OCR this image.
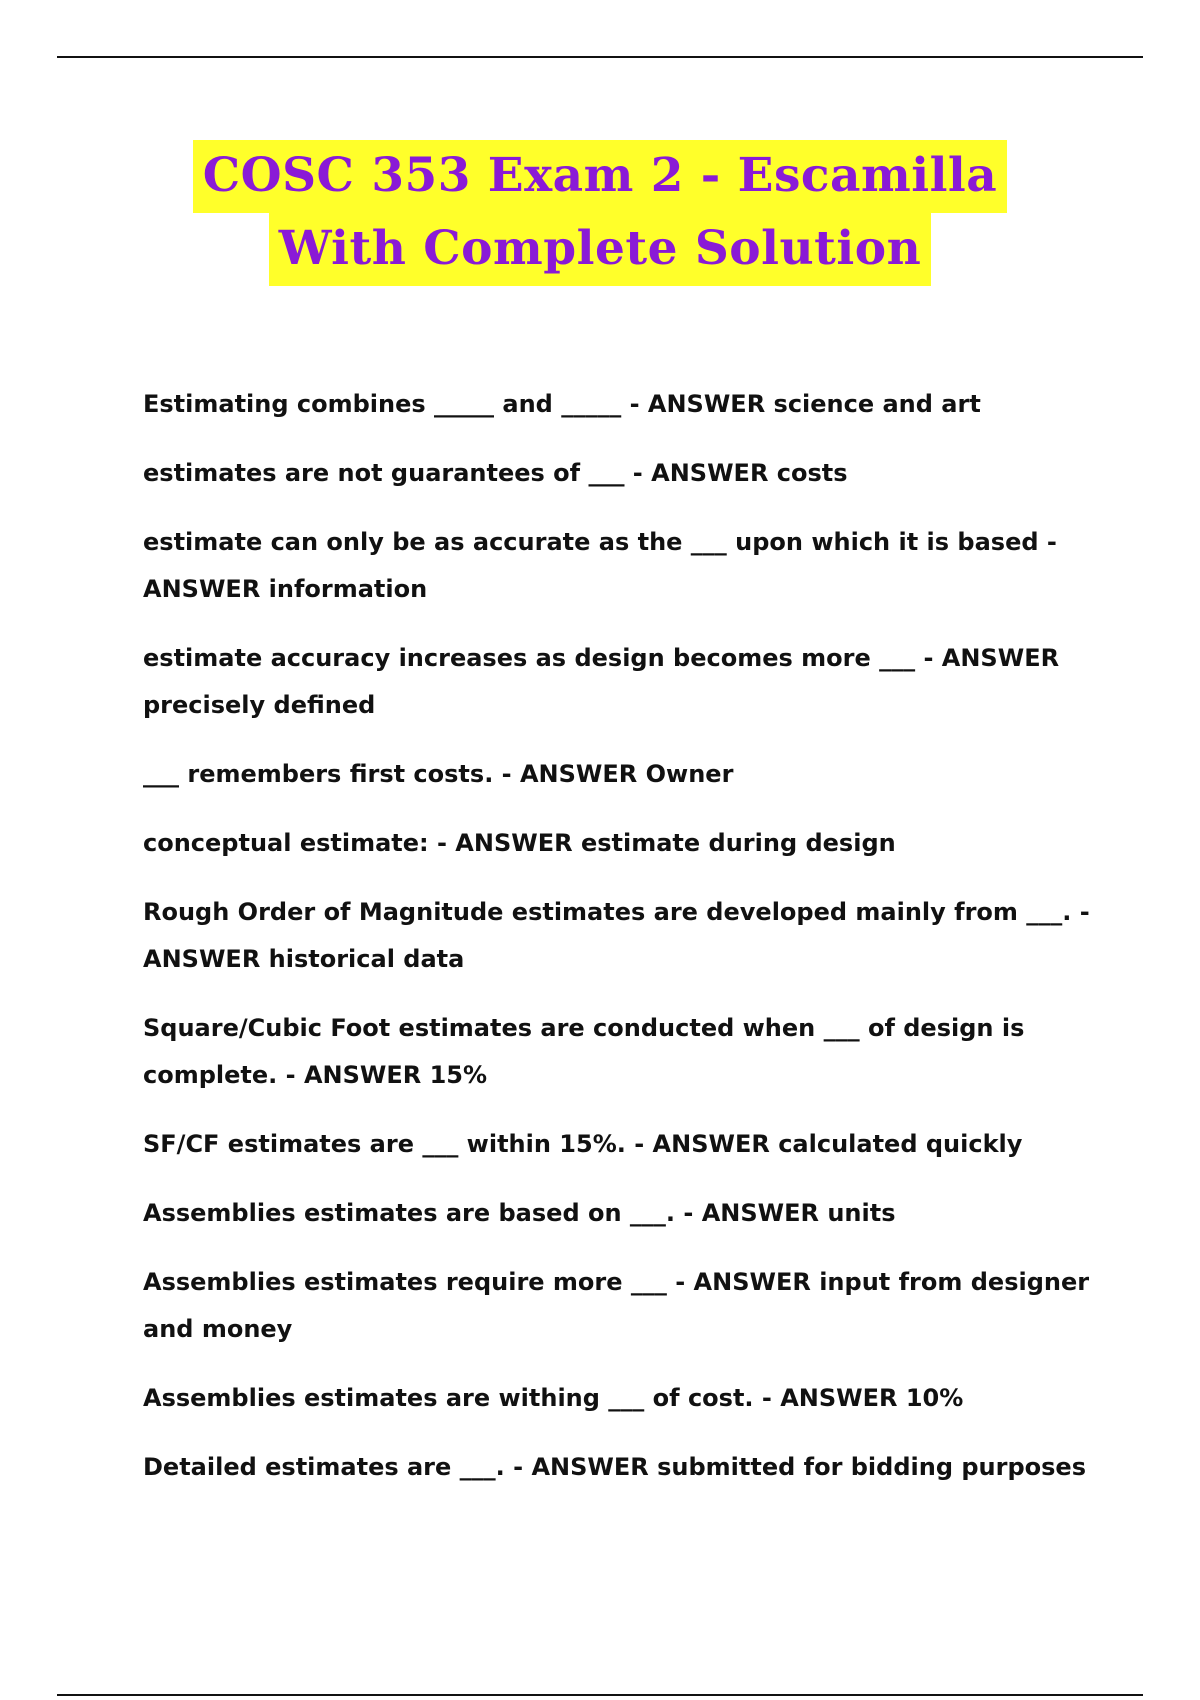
COSC 353 Exam 2 - Escamilla
With Complete Solution
Estimating combines _____ and _____ - ANSWER science and art
estimates are not guarantees of ___ - ANSWER costs
estimate can only be as accurate as the ___ upon which it is based - ANSWER information
estimate accuracy increases as design becomes more ___ - ANSWER precisely defined
___ remembers first costs. - ANSWER Owner
conceptual estimate: - ANSWER estimate during design
Rough Order of Magnitude estimates are developed mainly from ___. - ANSWER historical data
Square/Cubic Foot estimates are conducted when ___ of design is complete. - ANSWER 15%
SF/CF estimates are ___ within 15%. - ANSWER calculated quickly
Assemblies estimates are based on ___. - ANSWER units
Assemblies estimates require more ___ - ANSWER input from designer and money
Assemblies estimates are withing ___ of cost. - ANSWER 10%
Detailed estimates are ___. - ANSWER submitted for bidding purposes
